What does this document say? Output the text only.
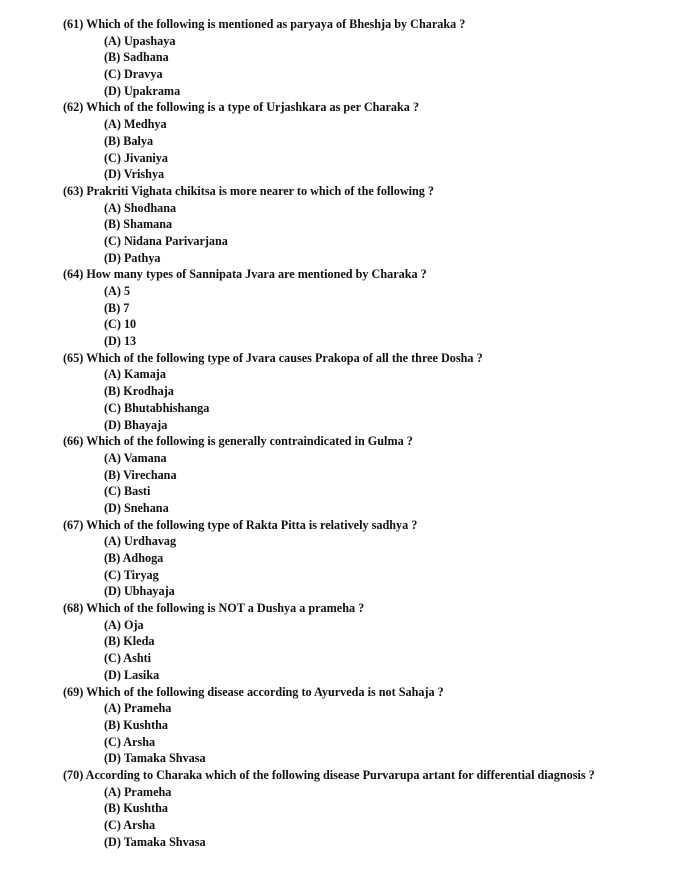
(61) Which of the following is mentioned as paryaya of Bheshja by Charaka ?
(A) Upashaya
(B) Sadhana
(C) Dravya
(D) Upakrama
(62) Which of the following is a type of Urjashkara as per Charaka ?
(A) Medhya
(B) Balya
(C) Jivaniya
(D) Vrishya
(63) Prakriti Vighata chikitsa is more nearer to which of the following ?
(A) Shodhana
(B) Shamana
(C) Nidana Parivarjana
(D) Pathya
(64) How many types of Sannipata Jvara are mentioned by Charaka ?
(A) 5
(B) 7
(C) 10
(D) 13
(65) Which of the following type of Jvara causes Prakopa of all the three Dosha ?
(A) Kamaja
(B) Krodhaja
(C) Bhutabhishanga
(D) Bhayaja
(66) Which of the following is generally contraindicated in Gulma ?
(A) Vamana
(B) Virechana
(C) Basti
(D) Snehana
(67) Which of the following type of Rakta Pitta is relatively sadhya ?
(A) Urdhavag
(B) Adhoga
(C) Tiryag
(D) Ubhayaja
(68) Which of the following is NOT a Dushya a prameha ?
(A) Oja
(B) Kleda
(C) Ashti
(D) Lasika
(69) Which of the following disease according to Ayurveda is not Sahaja ?
(A) Prameha
(B) Kushtha
(C) Arsha
(D) Tamaka Shvasa
(70) According to Charaka which of the following disease Purvarupa artant for differential diagnosis ?
(A) Prameha
(B) Kushtha
(C) Arsha
(D) Tamaka Shvasa
